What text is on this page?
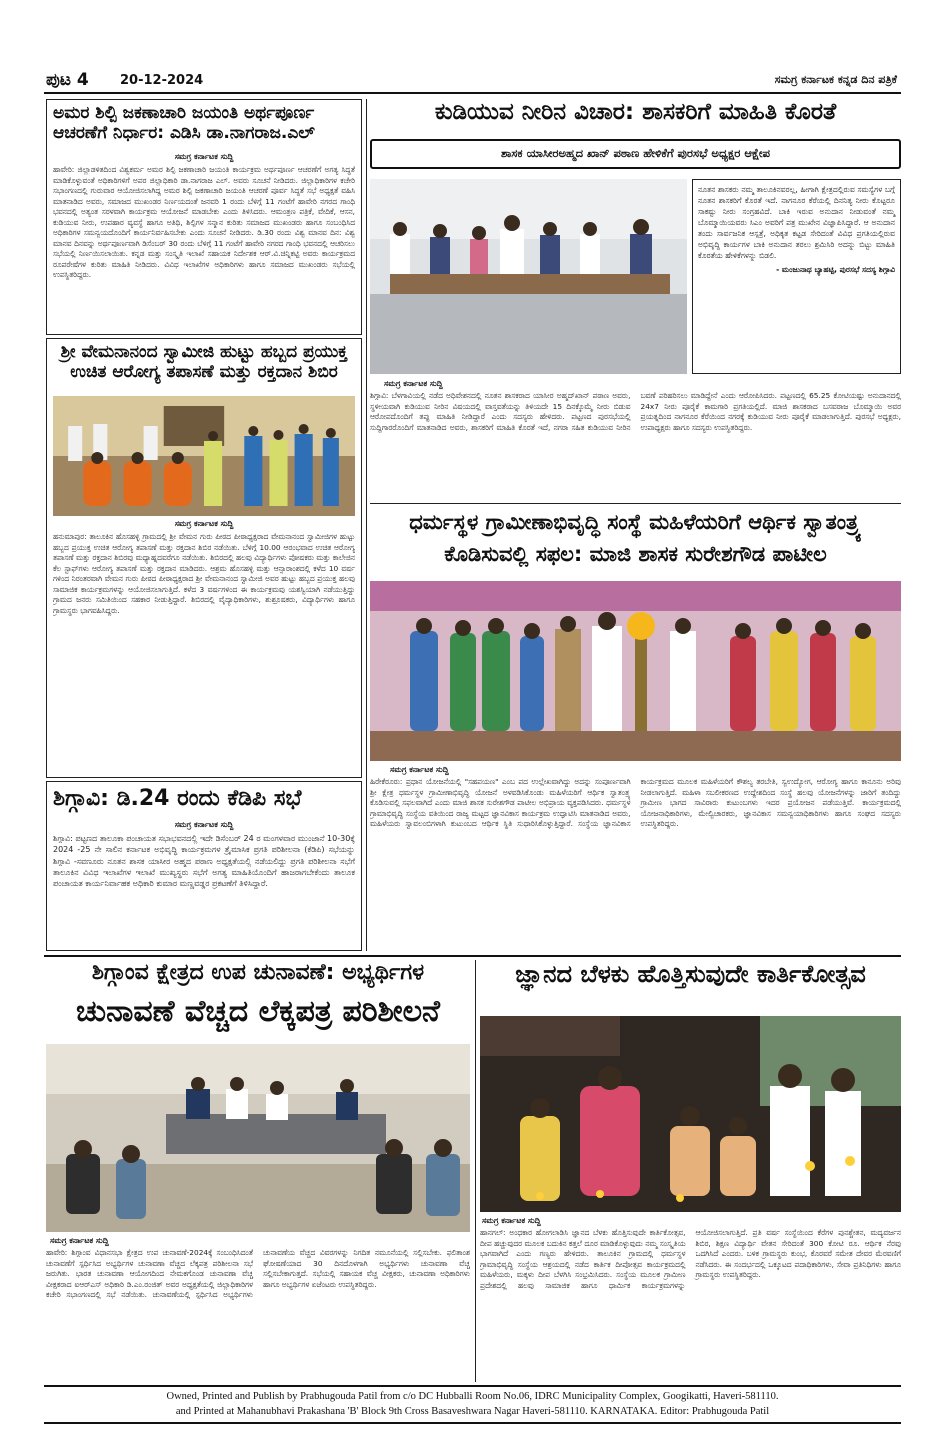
ಪುಟ 4 20-12-2024	ಸಮಗ್ರ ಕರ್ನಾಟಕ ಕನ್ನಡ ದಿನ ಪತ್ರಿಕೆ
ಅಮರ ಶಿಲ್ಪಿ ಜಕಣಾಚಾರಿ ಜಯಂತಿ ಅರ್ಥಪೂರ್ಣ ಆಚರಣೆಗೆ ನಿರ್ಧಾರ: ಎಡಿಸಿ ಡಾ.ನಾಗರಾಜ.ಎಲ್
ಸಮಗ್ರ ಕರ್ನಾಟಕ ಸುದ್ದಿ

ಹಾವೇರಿ: ಜಿಲ್ಲಾಡಳಿತದಿಂದ ವಿಶ್ವಕರ್ಮ ಅಮರ ಶಿಲ್ಪಿ ಜಕಣಾಚಾರಿ ಜಯಂತಿ ಕಾರ್ಯಕ್ರಮ ಅರ್ಥಪೂರ್ಣ ಆಚರಣೆಗೆ ಅಗತ್ಯ ಸಿದ್ಧತೆ ಮಾಡಿಕೊಳ್ಳುವಂತೆ ಅಧಿಕಾರಿಗಳಿಗೆ ಅಪರ ಜಿಲ್ಲಾಧಿಕಾರಿ ಡಾ.ನಾಗರಾಜ ಎಲ್. ಅವರು ಸೂಚನೆ ನೀಡಿದರು. ಜಿಲ್ಲಾಧಿಕಾರಿಗಳ ಕಚೇರಿ ಸಭಾಂಗಣದಲ್ಲಿ ಗುರುವಾರ ಆಯೋಜಿಸಲಾಗಿದ್ದ ಅಮರ ಶಿಲ್ಪಿ ಜಕಣಾಚಾರಿ ಜಯಂತಿ ಆಚರಣೆ ಪೂರ್ವ ಸಿದ್ಧತೆ ಸಭೆ ಅಧ್ಯಕ್ಷತೆ ವಹಿಸಿ ಮಾತನಾಡಿದ ಅವರು, ಸಮಾಜದ ಮುಖಂಡರ ನಿರ್ಣಯದಂತೆ ಜನವರಿ 1 ರಂದು ಬೆಳಿಗ್ಗೆ 11 ಗಂಟೆಗೆ ಹಾವೇರಿ ನಗರದ ಗಾಂಧಿ ಭವನದಲ್ಲಿ ಅತ್ಯಂತ ಸರಳವಾಗಿ ಕಾರ್ಯಕ್ರಮ ಆಯೋಜನೆ ಮಾಡಬೇಕು ಎಂದು ತಿಳಿಸಿದರು. ಆಮಂತ್ರಣ ಪತ್ರಿಕೆ, ವೇದಿಕೆ, ಆಸನ, ಕುಡಿಯುವ ನೀರು, ಉಪಹಾರ ವ್ಯವಸ್ಥೆ ಹಾಗೂ ಅತಿಥಿ, ಶಿಲ್ಪಿಗಳ ಸನ್ಮಾನ ಕುರಿತು ಸಮಾಜದ ಮುಖಂಡರು ಹಾಗೂ ಸಂಬಂಧಿಸಿದ ಅಧಿಕಾರಿಗಳ ಸಮನ್ವಯದೊಂದಿಗೆ ಕಾರ್ಯನಿರ್ವಹಿಸಬೇಕು ಎಂದು ಸೂಚನೆ ನೀಡಿದರು. ಡಿ.30 ರಂದು ವಿಶ್ವ ಮಾನವ ದಿನ: ವಿಶ್ವ ಮಾನವ ದಿನವನ್ನು ಅರ್ಥಪೂರ್ಣವಾಗಿ ಡಿಸೆಂಬರ್ 30 ರಂದು ಬೆಳಿಗ್ಗೆ 11 ಗಂಟೆಗೆ ಹಾವೇರಿ ನಗರದ ಗಾಂಧಿ ಭವನದಲ್ಲಿ ಆಚರಿಸಲು ಸಭೆಯಲ್ಲಿ ನಿರ್ಣಯಿಸಲಾಯಿತು. ಕನ್ನಡ ಮತ್ತು ಸಂಸ್ಕೃತಿ ಇಲಾಖೆ ಸಹಾಯಕ ನಿರ್ದೇಶಕ ಆರ್.ವಿ.ಚಿನ್ನಿಕಟ್ಟಿ ಅವರು ಕಾರ್ಯಕ್ರಮದ ರೂಪರೇಷೆಗಳ ಕುರಿತು ಮಾಹಿತಿ ನೀಡಿದರು. ವಿವಿಧ ಇಲಾಖೆಗಳ ಅಧಿಕಾರಿಗಳು ಹಾಗೂ ಸಮಾಜದ ಮುಖಂಡರು ಸಭೆಯಲ್ಲಿ ಉಪಸ್ಥಿತರಿದ್ದರು.

ಶ್ರೀ ವೇಮನಾನಂದ ಸ್ವಾಮೀಜಿ ಹುಟ್ಟು ಹಬ್ಬದ ಪ್ರಯುಕ್ತ ಉಚಿತ ಆರೋಗ್ಯ ತಪಾಸಣೆ ಮತ್ತು ರಕ್ತದಾನ ಶಿಬಿರ
ಸಮಗ್ರ ಕರ್ನಾಟಕ ಸುದ್ದಿ

ಹನುಮಾಪುರ: ತಾಲೂಕಿನ ಹೊಸಹಳ್ಳಿ ಗ್ರಾಮದಲ್ಲಿ ಶ್ರೀ ವೇಮನ ಗುರು ಪೀಠದ ಪೀಠಾಧ್ಯಕ್ಷರಾದ ವೇಮನಾನಂದ ಸ್ವಾಮೀಜಿಗಳ ಹುಟ್ಟು ಹಬ್ಬದ ಪ್ರಯುಕ್ತ ಉಚಿತ ಆರೋಗ್ಯ ತಪಾಸಣೆ ಮತ್ತು ರಕ್ತದಾನ ಶಿಬಿರ ನಡೆಯಿತು. ಬೆಳಿಗ್ಗೆ 10.00 ಆರಂಭವಾದ ಉಚಿತ ಆರೋಗ್ಯ ತಪಾಸಣೆ ಮತ್ತು ರಕ್ತದಾನ ಶಿಬಿರವು ಮಧ್ಯಾಹ್ನದವರೆಗೂ ನಡೆಯಿತು. ಶಿಬಿರದಲ್ಲಿ ಹಲವು ವಿದ್ಯಾರ್ಥಿಗಳು ಪೋಷಕರು ಮತ್ತು ಕಾಲೇಜಿನ ಕೆಲ ಸ್ಟಾಫ್‌ಗಳು ಆರೋಗ್ಯ ತಪಾಸಣೆ ಮತ್ತು ರಕ್ತದಾನ ಮಾಡಿದರು. ಆಶ್ರಮ ಹೊಸಹಳ್ಳಿ ಮತ್ತು ಆನ್ಸಾರಾಂಶದಲ್ಲಿ ಕಳೆದ 10 ವರ್ಷ ಗಳಿಂದ ನಿರಂತರವಾಗಿ ವೇಮನ ಗುರು ಪೀಠದ ಪೀಠಾಧ್ಯಕ್ಷರಾದ ಶ್ರೀ ವೇಮನಾನಂದ ಸ್ವಾಮೀಜಿ ಅವರ ಹುಟ್ಟು ಹಬ್ಬದ ಪ್ರಯುಕ್ತ ಹಲವು ಸಾಮಾಜಿಕ ಕಾರ್ಯಕ್ರಮಗಳನ್ನು ಆಯೋಜಿಸಲಾಗುತ್ತಿದೆ. ಕಳೆದ 3 ವರ್ಷಗಳಿಂದ ಈ ಕಾರ್ಯಕ್ರಮವು ಯಶಸ್ವಿಯಾಗಿ ನಡೆಯುತ್ತಿದ್ದು ಗ್ರಾಮದ ಜನರು ಸಮಿತಿಯಿಂದ ಸಹಕಾರ ನೀಡುತ್ತಿದ್ದಾರೆ. ಶಿಬಿರದಲ್ಲಿ ವೈದ್ಯಾಧಿಕಾರಿಗಳು, ಶುಶ್ರೂಷಕರು, ವಿದ್ಯಾರ್ಥಿಗಳು ಹಾಗೂ ಗ್ರಾಮಸ್ಥರು ಭಾಗವಹಿಸಿದ್ದರು.

ಶಿಗ್ಗಾವಿ: ಡಿ.24 ರಂದು ಕೆಡಿಪಿ ಸಭೆ
ಸಮಗ್ರ ಕರ್ನಾಟಕ ಸುದ್ದಿ

ಶಿಗ್ಗಾವಿ: ಪಟ್ಟಣದ ತಾಲೂಕಾ ಪಂಚಾಯತ ಸಭಾಭವನದಲ್ಲಿ ಇದೇ ಡಿಸೆಂಬರ್ 24 ರ ಮಂಗಳವಾರ ಮುಂಜಾನೆ 10-30ಕ್ಕೆ 2024 -25 ನೇ ಸಾಲಿನ ಕರ್ನಾಟಕ ಅಭಿವೃದ್ಧಿ ಕಾರ್ಯಕ್ರಮಗಳ ತ್ರೈಮಾಸಿಕ ಪ್ರಗತಿ ಪರಿಶೀಲನಾ (ಕೆಡಿಪಿ) ಸಭೆಯನ್ನು ಶಿಗ್ಗಾವಿ -ಸವಣೂರು ನೂತನ ಶಾಸಕ ಯಾಸೀರ ಅಹ್ಮದ ಪಠಾಣ ಅಧ್ಯಕ್ಷತೆಯಲ್ಲಿ ನಡೆಯಲಿದ್ದು ಪ್ರಗತಿ ಪರಿಶೀಲನಾ ಸಭೆಗೆ ತಾಲೂಕಿನ ವಿವಿಧ ಇಲಾಖೆಗಳ ಇಲಾಖೆ ಮುಖ್ಯಸ್ಥರು ಸಭೆಗೆ ಅಗತ್ಯ ಮಾಹಿತಿಯೊಂದಿಗೆ ಹಾಜರಾಗಬೇಕೆಂದು ತಾಲೂಕ ಪಂಚಾಯತ ಕಾರ್ಯನಿರ್ವಾಹಕ ಅಧಿಕಾರಿ ಕುಮಾರ ಮಣ್ಣವಡ್ಡರ ಪ್ರಕಟಣೆಗೆ ತಿಳಿಸಿದ್ದಾರೆ.

ಕುಡಿಯುವ ನೀರಿನ ವಿಚಾರ: ಶಾಸಕರಿಗೆ ಮಾಹಿತಿ ಕೊರತೆ
ಶಾಸಕ ಯಾಸೀರಅಹ್ಮದ ಖಾನ್ ಪಠಾಣ ಹೇಳಿಕೆಗೆ ಪುರಸಭೆ ಅಧ್ಯಕ್ಷರ ಆಕ್ಷೇಪ
ನೂತನ ಶಾಸಕರು ನಮ್ಮ ತಾಲೂಕಿನವರಲ್ಲ, ಹೀಗಾಗಿ ಕ್ಷೇತ್ರದಲ್ಲಿರುವ ಸಮಸ್ಯೆಗಳ ಬಗ್ಗೆ ನೂತನ ಶಾಸಕರಿಗೆ ಕೊರತೆ ಇದೆ. ನಾಗನೂರ ಕೆರೆಯಲ್ಲಿ ದಿನನಿತ್ಯ ನೀರು ಕೊಟ್ಟರೂ ಸಾಕಷ್ಟು ನೀರು ಸಂಗ್ರಹವಿದೆ. ಬಾಕಿ ಇರುವ ಅನುದಾನ ನೀಡುವಂತೆ ನಮ್ಮ ಬೊಮ್ಮಾಯಿಯವರು ಸಿಎಂ ಅವರಿಗೆ ಪತ್ರ ಮುಖೇನ ವಿಜ್ಞಾಪಿಸಿದ್ದಾರೆ. ಆ ಅನುದಾನ ತಂದು ಸಾರ್ವಜನಿಕ ಆಸ್ಪತ್ರೆ, ಅಧಿಕೃತ ಕಟ್ಟಡ ಸೇರಿದಂತೆ ವಿವಿಧ ಪ್ರಗತಿಯಲ್ಲಿರುವ ಅಭಿವೃದ್ಧಿ ಕಾರ್ಯಗಳ ಬಾಕಿ ಅನುದಾನ ತರಲು ಶ್ರಮಿಸಿರಿ ಅದನ್ನು ಬಿಟ್ಟು ಮಾಹಿತಿ ಕೊರತೆಯ ಹೇಳಿಕೆಗಳನ್ನು ಬಿಡಲಿ.
- ಮಂಜುನಾಥ ಬ್ಯಾಹಟ್ಟಿ, ಪುರಸಭೆ ಸದಸ್ಯ ಶಿಗ್ಗಾವಿ
ಸಮಗ್ರ ಕರ್ನಾಟಕ ಸುದ್ದಿ

ಶಿಗ್ಗಾವಿ: ಬೆಳಗಾವಿಯಲ್ಲಿ ನಡೆದ ಅಧಿವೇಶನದಲ್ಲಿ ನೂತನ ಶಾಸಕರಾದ ಯಾಸೀರ ಅಹ್ಮದ್‌ಖಾನ್ ಪಠಾಣ ಅವರು, ಸ್ಥಳೀಯವಾಗಿ ಕುಡಿಯುವ ನೀರಿನ ವಿಷಯದಲ್ಲಿ ವಾಸ್ತವತೆಯನ್ನು ತಿಳಿಯದೇ 15 ದಿನಕ್ಕೊಮ್ಮೆ ನೀರು ಬಿಡುವ ಆರೋಪದೊಂದಿಗೆ ತಪ್ಪು ಮಾಹಿತಿ ನೀಡಿದ್ದಾರೆ ಎಂದು ಸದಸ್ಯರು ಹೇಳಿದರು. ಪಟ್ಟಣದ ಪುರಸಭೆಯಲ್ಲಿ ಸುದ್ದಿಗಾರರೊಂದಿಗೆ ಮಾತನಾಡಿದ ಅವರು, ಶಾಸಕರಿಗೆ ಮಾಹಿತಿ ಕೊರತೆ ಇದೆ, ನಗರಾ ಸಹಿತ ಕುಡಿಯುವ ನೀರಿನ ಬವಣೆ ಪರಿಹರಿಸಲು ಮಾಡಿದ್ದೇನೆ ಎಂದು ಆರೋಪಿಸಿದರು. ಪಟ್ಟಣದಲ್ಲಿ 65.25 ಕೋಟಿಯಷ್ಟು ಅನುದಾನದಲ್ಲಿ 24x7 ನೀರು ಪೂರೈಕೆ ಕಾಮಗಾರಿ ಪ್ರಗತಿಯಲ್ಲಿದೆ. ಮಾಜಿ ಶಾಸಕರಾದ ಬಸವರಾಜ ಬೊಮ್ಮಾಯಿ ಅವರ ಪ್ರಯತ್ನದಿಂದ ನಾಗನೂರ ಕೆರೆಯಿಂದ ನಗರಕ್ಕೆ ಕುಡಿಯುವ ನೀರು ಪೂರೈಕೆ ಮಾಡಲಾಗುತ್ತಿದೆ. ಪುರಸಭೆ ಅಧ್ಯಕ್ಷರು, ಉಪಾಧ್ಯಕ್ಷರು ಹಾಗೂ ಸದಸ್ಯರು ಉಪಸ್ಥಿತರಿದ್ದರು.

ಧರ್ಮಸ್ಥಳ ಗ್ರಾಮೀಣಾಭಿವೃದ್ಧಿ ಸಂಸ್ಥೆ ಮಹಿಳೆಯರಿಗೆ ಆರ್ಥಿಕ ಸ್ವಾತಂತ್ರ್ಯ ಕೊಡಿಸುವಲ್ಲಿ ಸಫಲ: ಮಾಜಿ ಶಾಸಕ ಸುರೇಶಗೌಡ ಪಾಟೀಲ
ಸಮಗ್ರ ಕರ್ನಾಟಕ ಸುದ್ದಿ

ಹಿರೇಕೆರೂರು: ಪ್ರಧಾನ ಯೋಜನೆಯಲ್ಲಿ "ಸಹಪಯಣ" ಎಂಬ ಪದ ಉಲ್ಲೇಖವಾಗಿದ್ದು ಅದನ್ನು ಸಂಪೂರ್ಣವಾಗಿ ಶ್ರೀ ಕ್ಷೇತ್ರ ಧರ್ಮಸ್ಥಳ ಗ್ರಾಮೀಣಾಭಿವೃದ್ಧಿ ಯೋಜನೆ ಅಳವಡಿಸಿಕೊಂಡು ಮಹಿಳೆಯರಿಗೆ ಆರ್ಥಿಕ ಸ್ವಾತಂತ್ರ್ಯ ಕೊಡಿಸುವಲ್ಲಿ ಸಫಲವಾಗಿದೆ ಎಂದು ಮಾಜಿ ಶಾಸಕ ಸುರೇಶಗೌಡ ಪಾಟೀಲ ಅಭಿಪ್ರಾಯ ವ್ಯಕ್ತಪಡಿಸಿದರು. ಧರ್ಮಸ್ಥಳ ಗ್ರಾಮಾಭಿವೃದ್ಧಿ ಸಂಸ್ಥೆಯ ವತಿಯಿಂದ ರಾಜ್ಯ ಮಟ್ಟದ ಜ್ಞಾನವಿಕಾಸ ಕಾರ್ಯಕ್ರಮ ಉದ್ಘಾಟಿಸಿ ಮಾತನಾಡಿದ ಅವರು, ಮಹಿಳೆಯರು ಸ್ವಾವಲಂಬಿಗಳಾಗಿ ಕುಟುಂಬದ ಆರ್ಥಿಕ ಸ್ಥಿತಿ ಸುಧಾರಿಸಿಕೊಳ್ಳುತ್ತಿದ್ದಾರೆ. ಸಂಸ್ಥೆಯ ಜ್ಞಾನವಿಕಾಸ ಕಾರ್ಯಕ್ರಮದ ಮೂಲಕ ಮಹಿಳೆಯರಿಗೆ ಕೌಶಲ್ಯ ತರಬೇತಿ, ಸ್ವಉದ್ಯೋಗ, ಆರೋಗ್ಯ ಹಾಗೂ ಕಾನೂನು ಅರಿವು ನೀಡಲಾಗುತ್ತಿದೆ. ಮಹಿಳಾ ಸಬಲೀಕರಣದ ಉದ್ದೇಶದಿಂದ ಸಂಸ್ಥೆ ಹಲವು ಯೋಜನೆಗಳನ್ನು ಜಾರಿಗೆ ತಂದಿದ್ದು ಗ್ರಾಮೀಣ ಭಾಗದ ಸಾವಿರಾರು ಕುಟುಂಬಗಳು ಇದರ ಪ್ರಯೋಜನ ಪಡೆಯುತ್ತಿವೆ. ಕಾರ್ಯಕ್ರಮದಲ್ಲಿ ಯೋಜನಾಧಿಕಾರಿಗಳು, ಮೇಲ್ವಿಚಾರಕರು, ಜ್ಞಾನವಿಕಾಸ ಸಮನ್ವಯಾಧಿಕಾರಿಗಳು ಹಾಗೂ ಸಂಘದ ಸದಸ್ಯರು ಉಪಸ್ಥಿತರಿದ್ದರು.

ಶಿಗ್ಗಾಂವ ಕ್ಷೇತ್ರದ ಉಪ ಚುನಾವಣೆ: ಅಭ್ಯರ್ಥಿಗಳ
ಚುನಾವಣೆ ವೆಚ್ಚದ ಲೆಕ್ಕಪತ್ರ ಪರಿಶೀಲನೆ
ಸಮಗ್ರ ಕರ್ನಾಟಕ ಸುದ್ದಿ

ಹಾವೇರಿ: ಶಿಗ್ಗಾಂವ ವಿಧಾನಸಭಾ ಕ್ಷೇತ್ರದ ಉಪ ಚುನಾವಣೆ-2024ಕ್ಕೆ ಸಂಬಂಧಿಸಿದಂತೆ ಚುನಾವಣೆಗೆ ಸ್ಪರ್ಧಿಸಿದ ಅಭ್ಯರ್ಥಿಗಳ ಚುನಾವಣಾ ವೆಚ್ಚದ ಲೆಕ್ಕಪತ್ರ ಪರಿಶೀಲನಾ ಸಭೆ ಜರುಗಿತು. ಭಾರತ ಚುನಾವಣಾ ಆಯೋಗದಿಂದ ನೇಮಕಗೊಂಡ ಚುನಾವಣಾ ವೆಚ್ಚ ವೀಕ್ಷಕರಾದ ಐಆರ್‌ಎಸ್ ಅಧಿಕಾರಿ ಡಿ.ಎಂ.ರಂಜಿತ್ ಅವರ ಅಧ್ಯಕ್ಷತೆಯಲ್ಲಿ ಜಿಲ್ಲಾಧಿಕಾರಿಗಳ ಕಚೇರಿ ಸಭಾಂಗಣದಲ್ಲಿ ಸಭೆ ನಡೆಯಿತು. ಚುನಾವಣೆಯಲ್ಲಿ ಸ್ಪರ್ಧಿಸಿದ ಅಭ್ಯರ್ಥಿಗಳು ಚುನಾವಣೆಯ ವೆಚ್ಚದ ವಿವರಗಳನ್ನು ನಿಗದಿತ ನಮೂನೆಯಲ್ಲಿ ಸಲ್ಲಿಸಬೇಕು. ಫಲಿತಾಂಶ ಘೋಷಣೆಯಾದ 30 ದಿನದೊಳಗಾಗಿ ಅಭ್ಯರ್ಥಿಗಳು ಚುನಾವಣಾ ವೆಚ್ಚ ಸಲ್ಲಿಸಬೇಕಾಗುತ್ತದೆ. ಸಭೆಯಲ್ಲಿ ಸಹಾಯಕ ವೆಚ್ಚ ವೀಕ್ಷಕರು, ಚುನಾವಣಾ ಅಧಿಕಾರಿಗಳು ಹಾಗೂ ಅಭ್ಯರ್ಥಿಗಳ ಏಜೆಂಟರು ಉಪಸ್ಥಿತರಿದ್ದರು.

ಜ್ಞಾನದ ಬೆಳಕು ಹೊತ್ತಿಸುವುದೇ ಕಾರ್ತಿಕೋತ್ಸವ
ಸಮಗ್ರ ಕರ್ನಾಟಕ ಸುದ್ದಿ

ಹಾನಗಲ್: ಅಂಧಕಾರ ಹೋಗಲಾಡಿಸಿ ಜ್ಞಾನದ ಬೆಳಕು ಹೊತ್ತಿಸುವುದೇ ಕಾರ್ತಿಕೋತ್ಸವ, ದೀಪ ಹಚ್ಚುವುದರ ಮೂಲಕ ಬದುಕಿನ ಕತ್ತಲೆ ದೂರ ಮಾಡಿಕೊಳ್ಳುವುದು ನಮ್ಮ ಸಂಸ್ಕೃತಿಯ ಭಾಗವಾಗಿದೆ ಎಂದು ಗಣ್ಯರು ಹೇಳಿದರು. ತಾಲೂಕಿನ ಗ್ರಾಮದಲ್ಲಿ ಧರ್ಮಸ್ಥಳ ಗ್ರಾಮಾಭಿವೃದ್ಧಿ ಸಂಸ್ಥೆಯ ಆಶ್ರಯದಲ್ಲಿ ನಡೆದ ಕಾರ್ತಿಕ ದೀಪೋತ್ಸವ ಕಾರ್ಯಕ್ರಮದಲ್ಲಿ ಮಹಿಳೆಯರು, ಮಕ್ಕಳು ದೀಪ ಬೆಳಗಿಸಿ ಸಂಭ್ರಮಿಸಿದರು. ಸಂಸ್ಥೆಯ ಮೂಲಕ ಗ್ರಾಮೀಣ ಪ್ರದೇಶದಲ್ಲಿ ಹಲವು ಸಾಮಾಜಿಕ ಹಾಗೂ ಧಾರ್ಮಿಕ ಕಾರ್ಯಕ್ರಮಗಳನ್ನು ಆಯೋಜಿಸಲಾಗುತ್ತಿದೆ. ಪ್ರತಿ ವರ್ಷ ಸಂಸ್ಥೆಯಿಂದ ಕೆರೆಗಳ ಪುನಶ್ಚೇತನ, ಮದ್ಯವರ್ಜನ ಶಿಬಿರ, ಶಿಕ್ಷಣ ವಿದ್ಯಾರ್ಥಿ ವೇತನ ಸೇರಿದಂತೆ 300 ಕೋಟಿ ರೂ. ಆರ್ಥಿಕ ನೆರವು ಒದಗಿಸಿದೆ ಎಂದರು. ಬಳಿಕ ಗ್ರಾಮಸ್ಥರು ಕುಂಭ, ಕೊರವರೆ ಸಮೇತ ದೇವರ ಮೆರವಣಿಗೆ ನಡೆಸಿದರು. ಈ ಸಂದರ್ಭದಲ್ಲಿ ಒಕ್ಕೂಟದ ಪದಾಧಿಕಾರಿಗಳು, ಸೇವಾ ಪ್ರತಿನಿಧಿಗಳು ಹಾಗೂ ಗ್ರಾಮಸ್ಥರು ಉಪಸ್ಥಿತರಿದ್ದರು.

Owned, Printed and Publish by Prabhugouda Patil from c/o DC Hubballi Room No.06, IDRC Municipality Complex, Googikatti, Haveri-581110.
and Printed at Mahanubhavi Prakashana 'B' Block 9th Cross Basaveshwara Nagar Haveri-581110. KARNATAKA. Editor: Prabhugouda Patil
